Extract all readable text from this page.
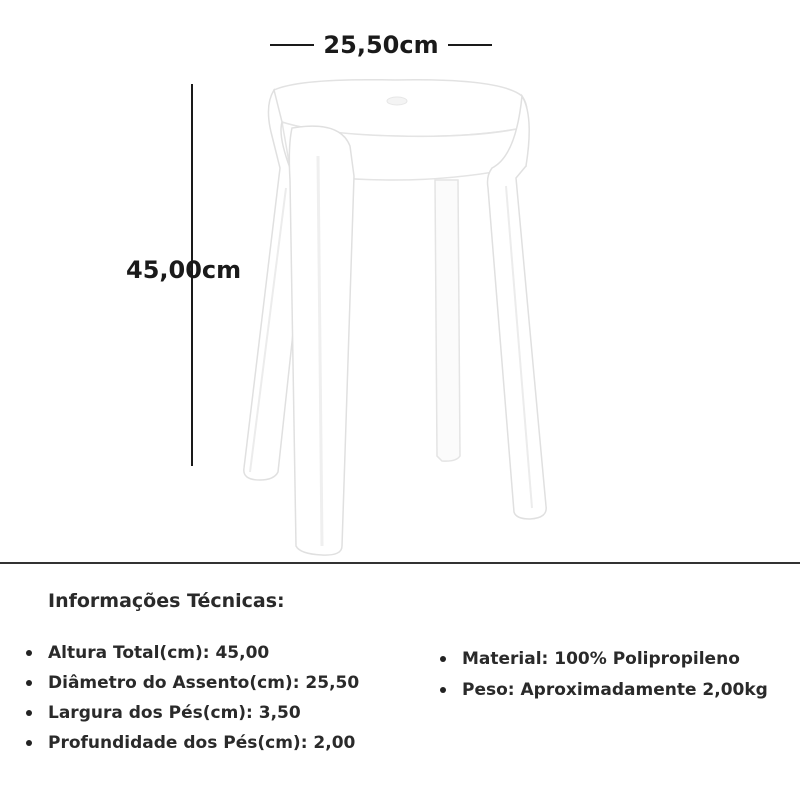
25,50cm
45,00cm
Informações Técnicas:
Altura Total(cm): 45,00
Diâmetro do Assento(cm): 25,50
Largura dos Pés(cm): 3,50
Profundidade dos Pés(cm): 2,00
Material: 100% Polipropileno
Peso: Aproximadamente 2,00kg
